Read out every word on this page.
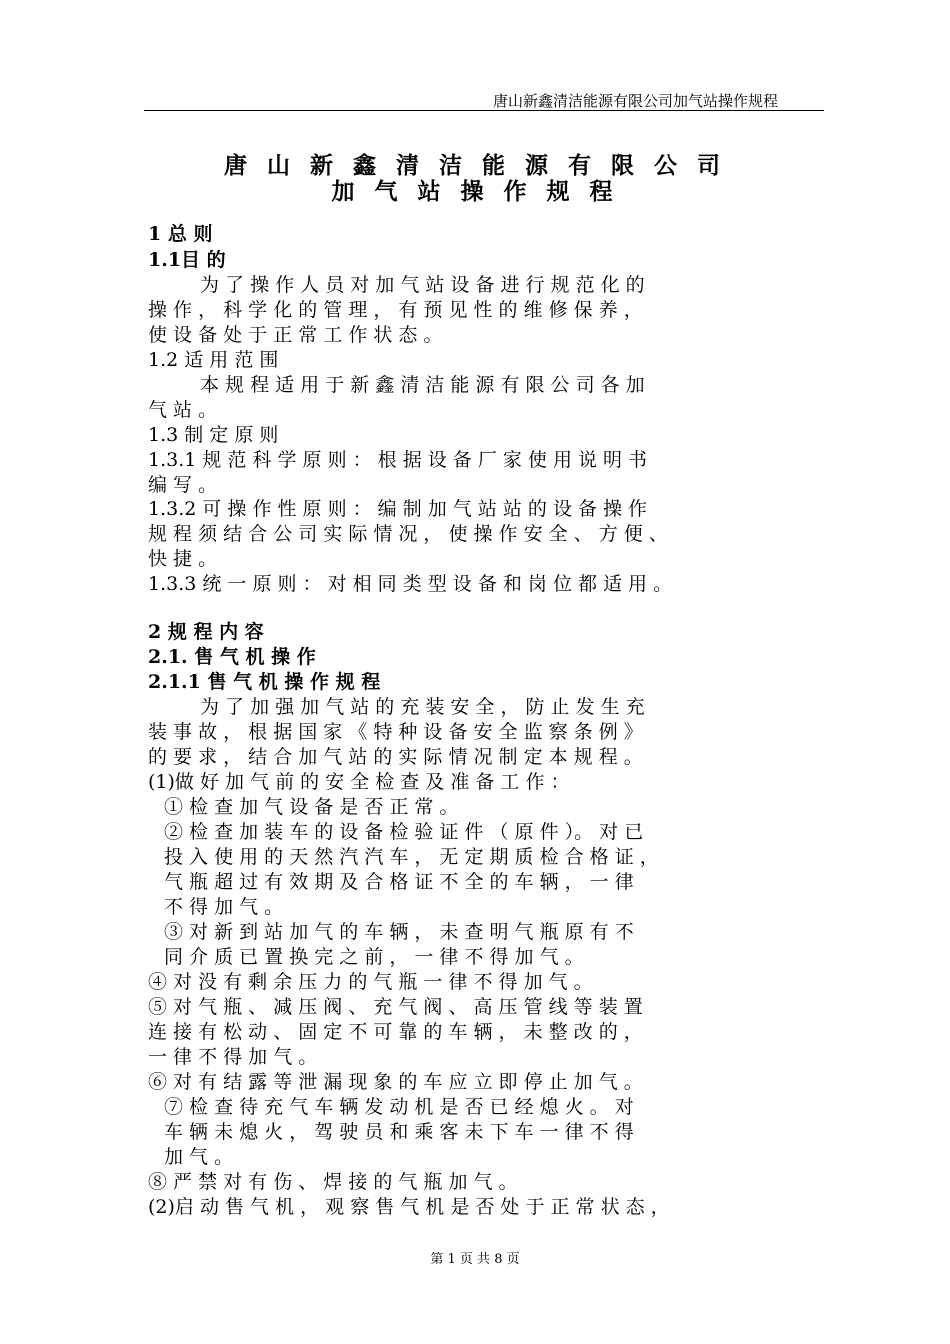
唐山新鑫清洁能源有限公司加气站操作规程
唐 山 新 鑫 清 洁 能 源 有 限 公 司
加 气 站 操 作 规 程
1 总 则
1.1目 的
为 了 操 作 人 员 对 加 气 站 设 备 进 行 规 范 化 的
操 作 ， 科 学 化 的 管 理 ， 有 预 见 性 的 维 修 保 养 ，
使 设 备 处 于 正 常 工 作 状 态 。
1.2 适 用 范 围
本 规 程 适 用 于 新 鑫 清 洁 能 源 有 限 公 司 各 加
气 站 。
1.3 制 定 原 则
1.3.1 规 范 科 学 原 则 ： 根 据 设 备 厂 家 使 用 说 明 书
编 写 。
1.3.2 可 操 作 性 原 则 ： 编 制 加 气 站 站 的 设 备 操 作
规 程 须 结 合 公 司 实 际 情 况 ， 使 操 作 安 全 、 方 便 、
快 捷 。
1.3.3 统 一 原 则 ： 对 相 同 类 型 设 备 和 岗 位 都 适 用 。
2 规 程 内 容
2.1. 售 气 机 操 作
2.1.1 售 气 机 操 作 规 程
为 了 加 强 加 气 站 的 充 装 安 全 ， 防 止 发 生 充
装 事 故 ， 根 据 国 家 《 特 种 设 备 安 全 监 察 条 例 》
的 要 求 ， 结 合 加 气 站 的 实 际 情 况 制 定 本 规 程 。
(1)做 好 加 气 前 的 安 全 检 查 及 准 备 工 作 ：
① 检 查 加 气 设 备 是 否 正 常 。
② 检 查 加 装 车 的 设 备 检 验 证 件 （ 原 件 ）。 对 已
投 入 使 用 的 天 然 汽 汽 车 ， 无 定 期 质 检 合 格 证 ，
气 瓶 超 过 有 效 期 及 合 格 证 不 全 的 车 辆 ， 一 律
不 得 加 气 。
③ 对 新 到 站 加 气 的 车 辆 ， 未 查 明 气 瓶 原 有 不
同 介 质 已 置 换 完 之 前 ， 一 律 不 得 加 气 。
④ 对 没 有 剩 余 压 力 的 气 瓶 一 律 不 得 加 气 。
⑤ 对 气 瓶 、 减 压 阀 、 充 气 阀 、 高 压 管 线 等 装 置
连 接 有 松 动 、 固 定 不 可 靠 的 车 辆 ， 未 整 改 的 ，
一 律 不 得 加 气 。
⑥ 对 有 结 露 等 泄 漏 现 象 的 车 应 立 即 停 止 加 气 。
⑦ 检 查 待 充 气 车 辆 发 动 机 是 否 已 经 熄 火 。 对
车 辆 未 熄 火 ， 驾 驶 员 和 乘 客 未 下 车 一 律 不 得
加 气 。
⑧ 严 禁 对 有 伤 、 焊 接 的 气 瓶 加 气 。
(2)启 动 售 气 机 ， 观 察 售 气 机 是 否 处 于 正 常 状 态 ，
第 1 页 共 8 页
